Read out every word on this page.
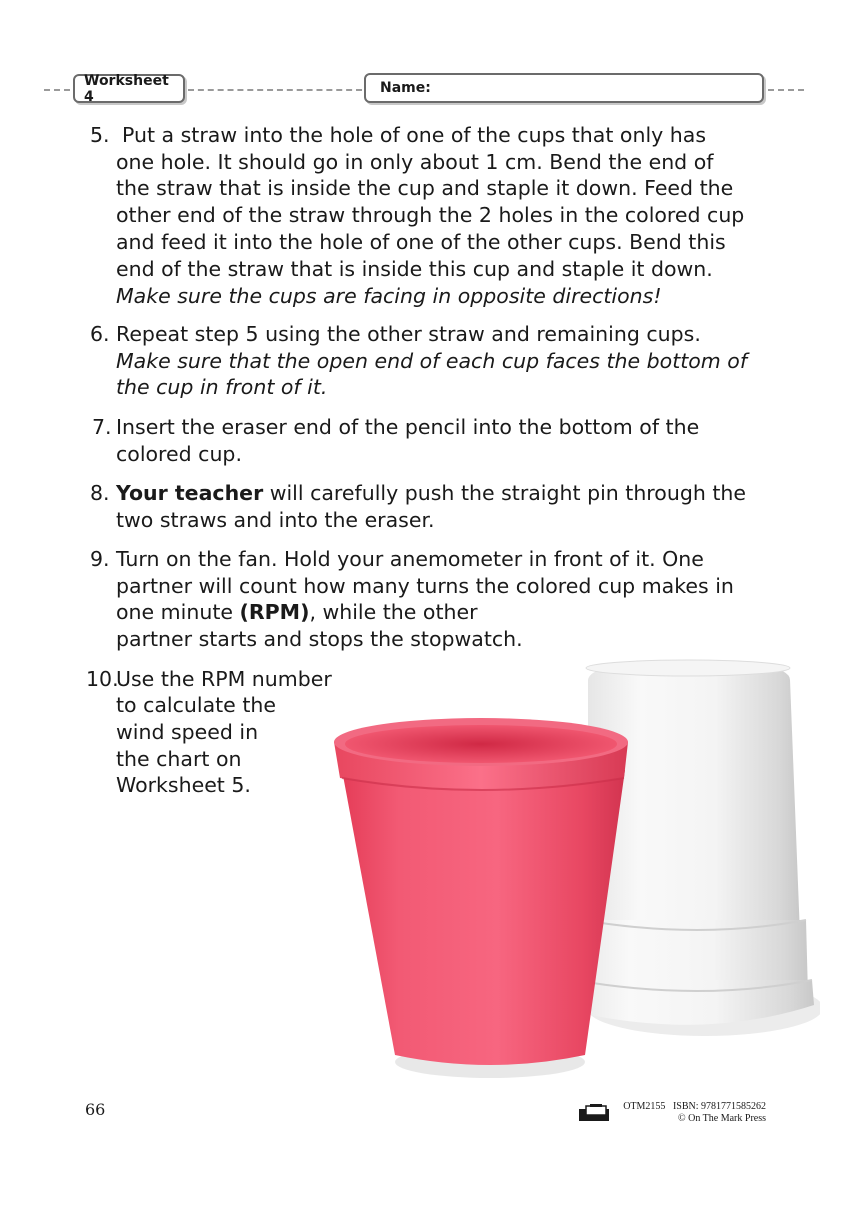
Worksheet 4
Name:
5. Put a straw into the hole of one of the cups that only has
one hole. It should go in only about 1 cm. Bend the end of
the straw that is inside the cup and staple it down. Feed the
other end of the straw through the 2 holes in the colored cup
and feed it into the hole of one of the other cups. Bend this
end of the straw that is inside this cup and staple it down.
Make sure the cups are facing in opposite directions!
6. Repeat step 5 using the other straw and remaining cups.
Make sure that the open end of each cup faces the bottom of
the cup in front of it.
7. Insert the eraser end of the pencil into the bottom of the
colored cup.
8. Your teacher will carefully push the straight pin through the
two straws and into the eraser.
9. Turn on the fan. Hold your anemometer in front of it. One
partner will count how many turns the colored cup makes in
one minute (RPM), while the other
partner starts and stops the stopwatch.
10.
Use the RPM number
to calculate the
wind speed in
the chart on
Worksheet 5.
66	OTM2155 ISBN: 9781771585262
© On The Mark Press
